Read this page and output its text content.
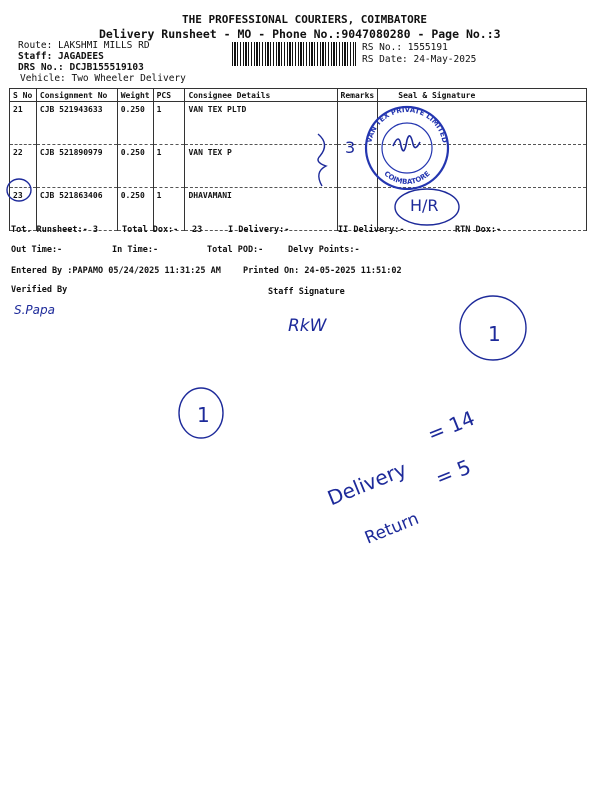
THE PROFESSIONAL COURIERS, COIMBATORE
Delivery Runsheet - MO - Phone No.:9047080280 - Page No.:3
Route: LAKSHMI MILLS RD
Staff: JAGADEES
DRS No.: DCJB155519103
Vehicle: Two Wheeler Delivery
RS No.: 1555191
RS Date: 24-May-2025
S No	Consignment No	Weight	PCS	Consignee Details	Remarks	Seal & Signature
21	CJB 521943633	0.250	1	VAN TEX PLTD		
22	CJB 521890979	0.250	1	VAN TEX P		
23	CJB 521863406	0.250	1	DHAVAMANI		
Tot. Runsheet:- 3	Total Dox:- 23	I Delivery:-	II Delivery:-	RTN Dox:-
Out Time:-	In Time:-	Total POD:-	Delvy Points:-
Entered By :PAPAMO 05/24/2025 11:31:25 AM	Printed On: 24-05-2025 11:51:02
Verified By	Staff Signature
VAN TEX PRIVATE LIMITED
COIMBATORE
3
H/R
S.Papa
RkW	1
1
Delivery
= 14
Return
= 5
